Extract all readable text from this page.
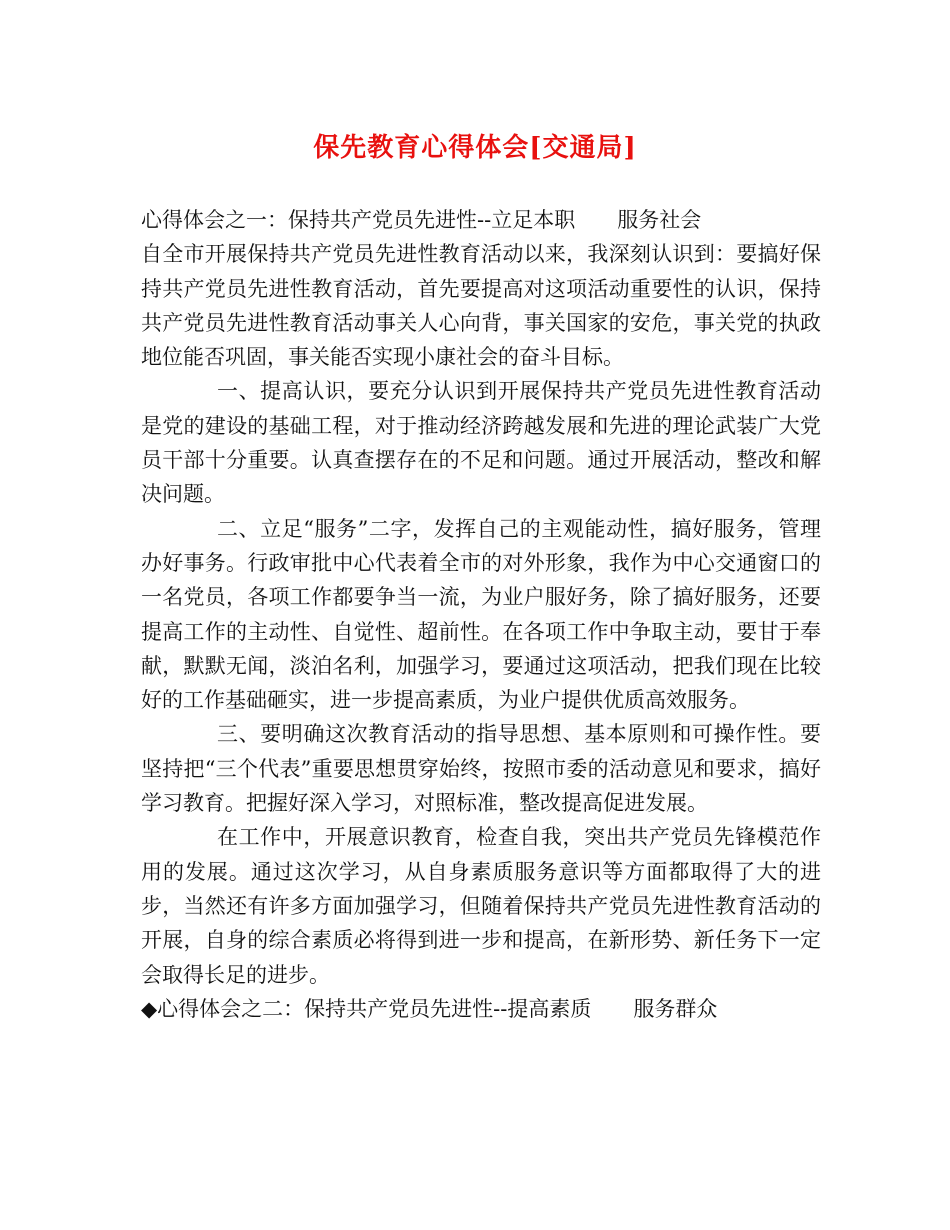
保先教育心得体会[交通局]

心得体会之一：保持共产党员先进性--立足本职　　服务社会

自全市开展保持共产党员先进性教育活动以来，我深刻认识到：要搞好保持共产党员先进性教育活动，首先要提高对这项活动重要性的认识，保持共产党员先进性教育活动事关人心向背，事关国家的安危，事关党的执政地位能否巩固，事关能否实现小康社会的奋斗目标。

一、提高认识，要充分认识到开展保持共产党员先进性教育活动是党的建设的基础工程，对于推动经济跨越发展和先进的理论武装广大党员干部十分重要。认真查摆存在的不足和问题。通过开展活动，整改和解决问题。

二、立足“服务”二字，发挥自己的主观能动性，搞好服务，管理办好事务。行政审批中心代表着全市的对外形象，我作为中心交通窗口的一名党员，各项工作都要争当一流，为业户服好务，除了搞好服务，还要提高工作的主动性、自觉性、超前性。在各项工作中争取主动，要甘于奉献，默默无闻，淡泊名利，加强学习，要通过这项活动，把我们现在比较好的工作基础砸实，进一步提高素质，为业户提供优质高效服务。

三、要明确这次教育活动的指导思想、基本原则和可操作性。要坚持把“三个代表”重要思想贯穿始终，按照市委的活动意见和要求，搞好学习教育。把握好深入学习，对照标准，整改提高促进发展。

在工作中，开展意识教育，检查自我，突出共产党员先锋模范作用的发展。通过这次学习，从自身素质服务意识等方面都取得了大的进步，当然还有许多方面加强学习，但随着保持共产党员先进性教育活动的开展，自身的综合素质必将得到进一步和提高，在新形势、新任务下一定会取得长足的进步。

◆心得体会之二：保持共产党员先进性--提高素质　　服务群众
